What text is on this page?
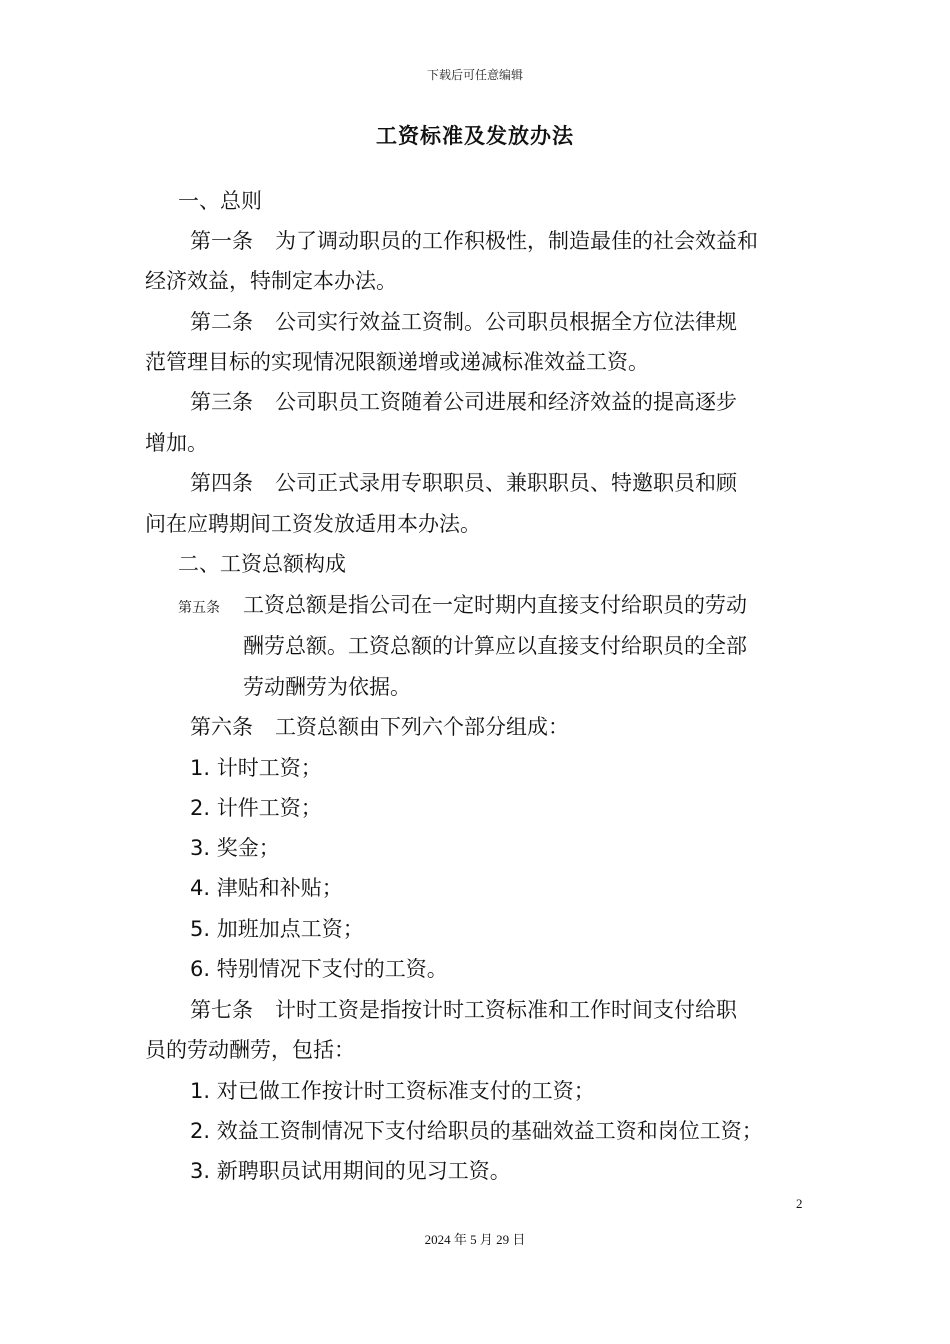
下载后可任意编辑
工资标准及发放办法
一、总则
第一条 为了调动职员的工作积极性，制造最佳的社会效益和
经济效益，特制定本办法。
第二条 公司实行效益工资制。公司职员根据全方位法律规
范管理目标的实现情况限额递增或递减标准效益工资。
第三条 公司职员工资随着公司进展和经济效益的提高逐步
增加。
第四条 公司正式录用专职职员、兼职职员、特邀职员和顾
问在应聘期间工资发放适用本办法。
二、工资总额构成
第五条 工资总额是指公司在一定时期内直接支付给职员的劳动
酬劳总额。工资总额的计算应以直接支付给职员的全部
劳动酬劳为依据。
第六条 工资总额由下列六个部分组成：
1. 计时工资；
2. 计件工资；
3. 奖金；
4. 津贴和补贴；
5. 加班加点工资；
6. 特别情况下支付的工资。
第七条 计时工资是指按计时工资标准和工作时间支付给职
员的劳动酬劳，包括：
1. 对已做工作按计时工资标准支付的工资；
2. 效益工资制情况下支付给职员的基础效益工资和岗位工资；
3. 新聘职员试用期间的见习工资。
2
2024 年 5 月 29 日
